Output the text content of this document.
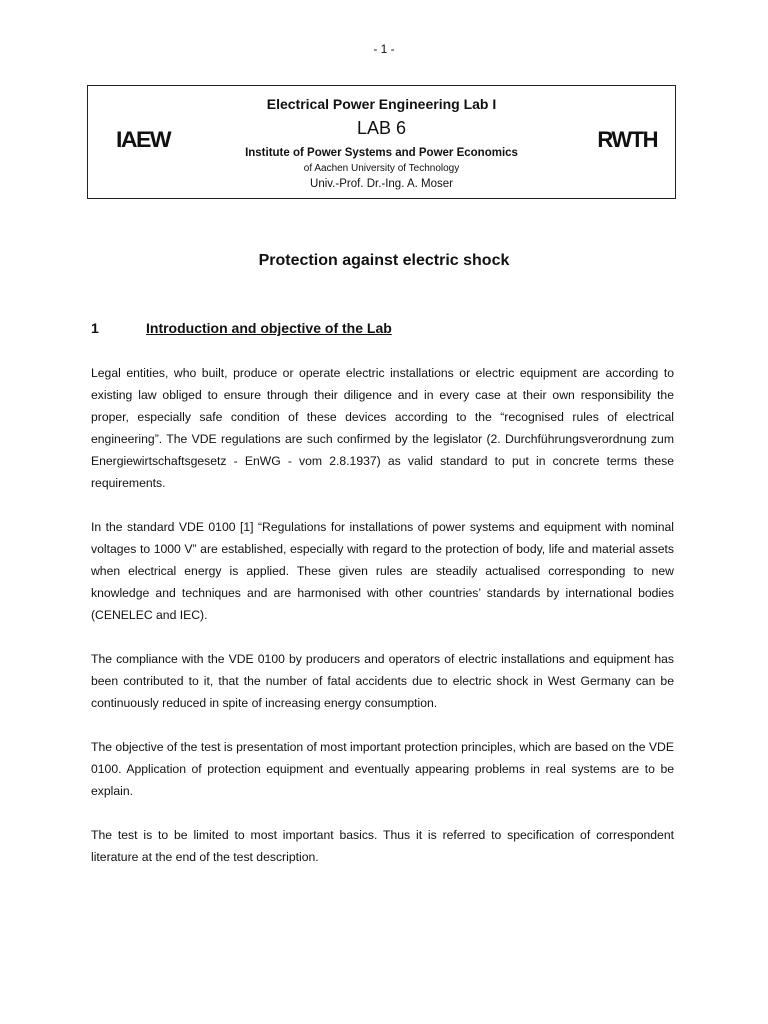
- 1 -
IAEW
Electrical Power Engineering Lab I
LAB 6
Institute of Power Systems and Power Economics
of Aachen University of Technology
Univ.-Prof. Dr.-Ing. A. Moser
RWTH
Protection against electric shock
1	Introduction and objective of the Lab

Legal entities, who built, produce or operate electric installations or electric equipment are according to existing law obliged to ensure through their diligence and in every case at their own responsibility the proper, especially safe condition of these devices according to the “recognised rules of electrical engineering”. The VDE regulations are such confirmed by the legislator (2. Durchführungsverordnung zum Energiewirtschaftsgesetz - EnWG - vom 2.8.1937) as valid standard to put in concrete terms these requirements.

In the standard VDE 0100 [1] “Regulations for installations of power systems and equipment with nominal voltages to 1000 V” are established, especially with regard to the protection of body, life and material assets when electrical energy is applied. These given rules are steadily actualised corresponding to new knowledge and techniques and are harmonised with other countries’ standards by international bodies (CENELEC and IEC).

The compliance with the VDE 0100 by producers and operators of electric installations and equipment has been contributed to it, that the number of fatal accidents due to electric shock in West Germany can be continuously reduced in spite of increasing energy consumption.

The objective of the test is presentation of most important protection principles, which are based on the VDE 0100. Application of protection equipment and eventually appearing problems in real systems are to be explain.

The test is to be limited to most important basics. Thus it is referred to specification of correspondent literature at the end of the test description.
